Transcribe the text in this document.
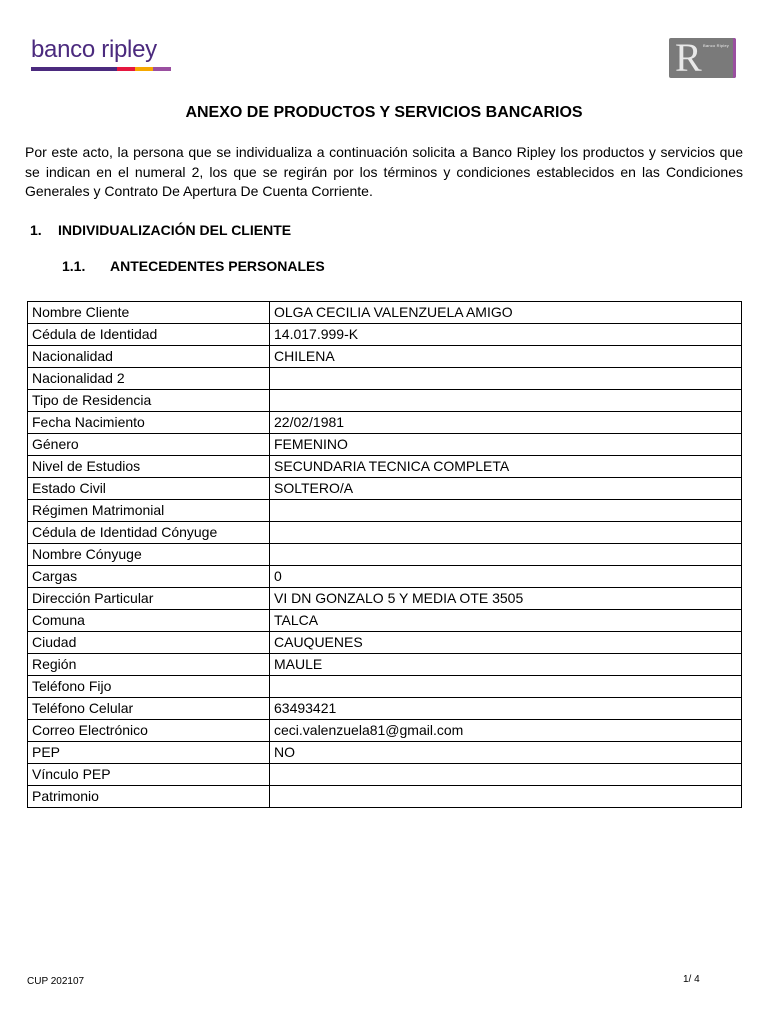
banco ripley	R Banco Ripley
ANEXO DE PRODUCTOS Y SERVICIOS BANCARIOS
Por este acto, la persona que se individualiza a continuación solicita a Banco Ripley los productos y servicios que se indican en el numeral 2, los que se regirán por los términos y condiciones establecidos en las Condiciones Generales y Contrato De Apertura De Cuenta Corriente.
1. INDIVIDUALIZACIÓN DEL CLIENTE
1.1. ANTECEDENTES PERSONALES
Nombre Cliente	OLGA CECILIA VALENZUELA AMIGO
Cédula de Identidad	14.017.999-K
Nacionalidad	CHILENA
Nacionalidad 2	
Tipo de Residencia	
Fecha Nacimiento	22/02/1981
Género	FEMENINO
Nivel de Estudios	SECUNDARIA TECNICA COMPLETA
Estado Civil	SOLTERO/A
Régimen Matrimonial	
Cédula de Identidad Cónyuge	
Nombre Cónyuge	
Cargas	0
Dirección Particular	VI DN GONZALO 5 Y MEDIA OTE 3505
Comuna	TALCA
Ciudad	CAUQUENES
Región	MAULE
Teléfono Fijo	
Teléfono Celular	63493421
Correo Electrónico	ceci.valenzuela81@gmail.com
PEP	NO
Vínculo PEP	
Patrimonio	
CUP 202107	1/ 4
